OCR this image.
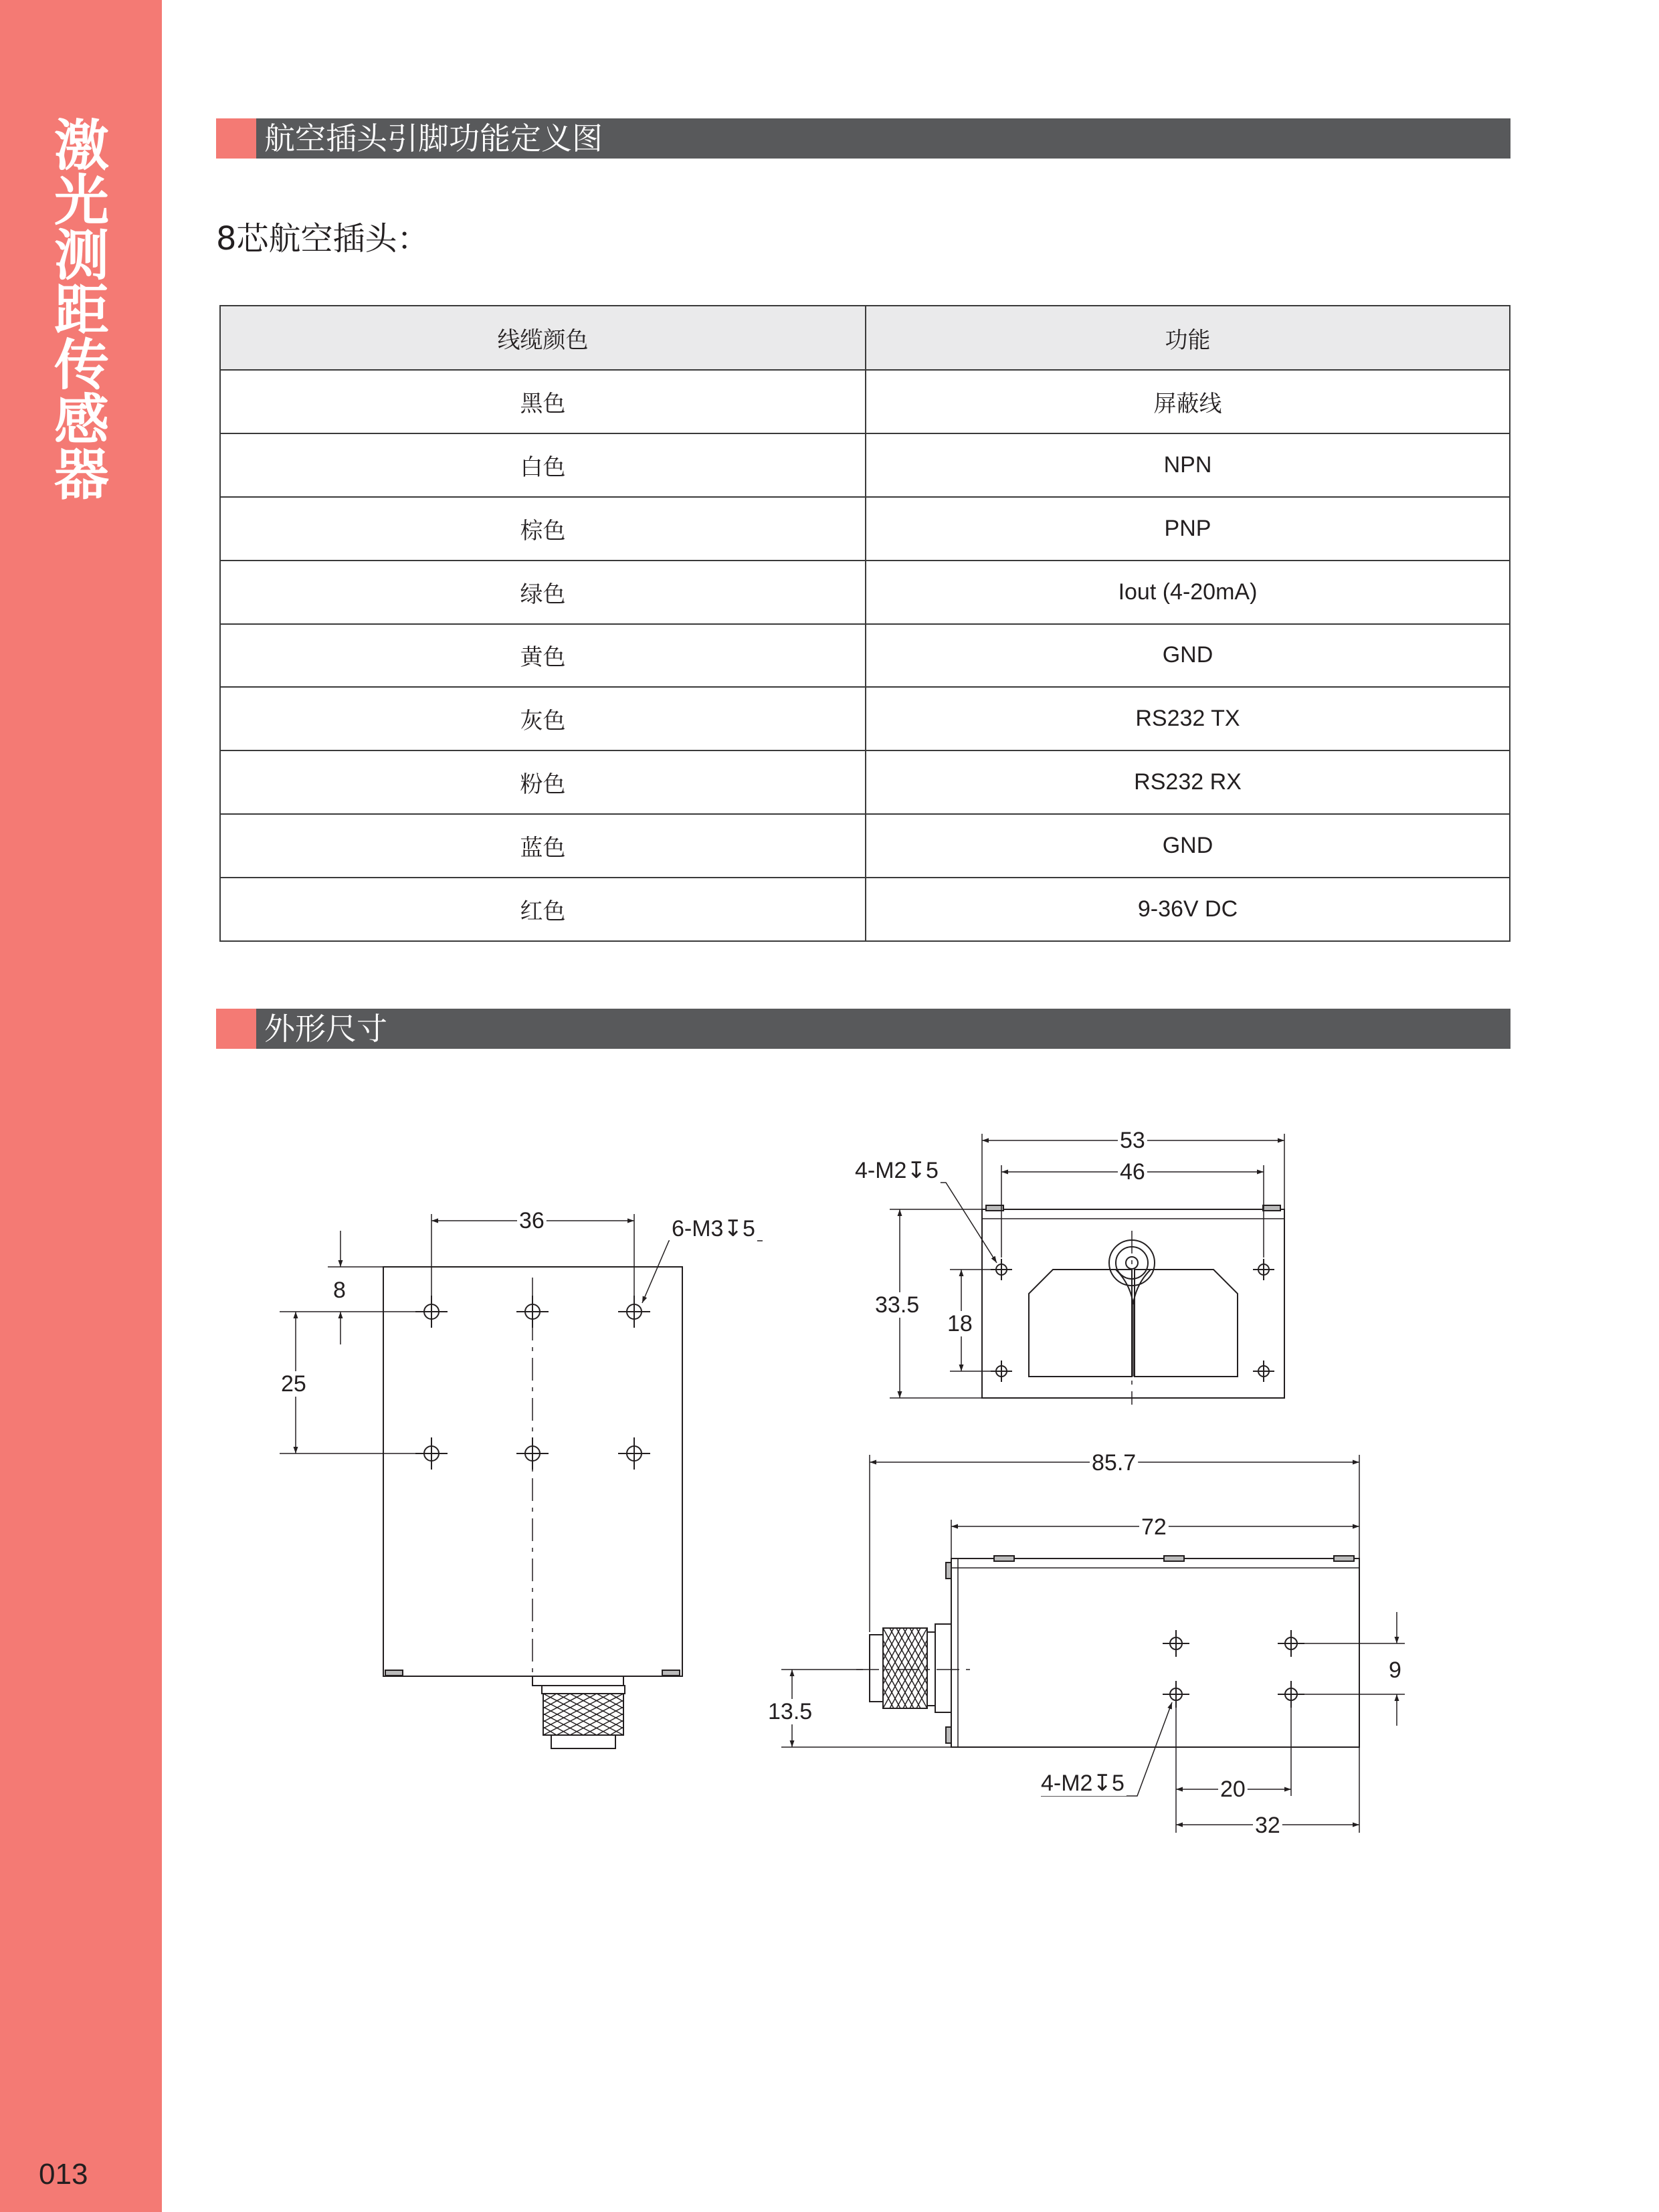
激
光
测
距
传
感
器
013
航空插头引脚功能定义图
8芯航空插头：
线缆颜色	功能
黑色	屏蔽线
白色	NPN
棕色	PNP
绿色	Iout (4-20mA)
黄色	GND
灰色	RS232 TX
粉色	RS232 RX
蓝色	GND
红色	9-36V DC
外形尺寸
36	6-M3↧5
8
25
53
46
4-M2↧5
33.5
18
85.7
72
13.5
9
4-M2↧5	20
32
